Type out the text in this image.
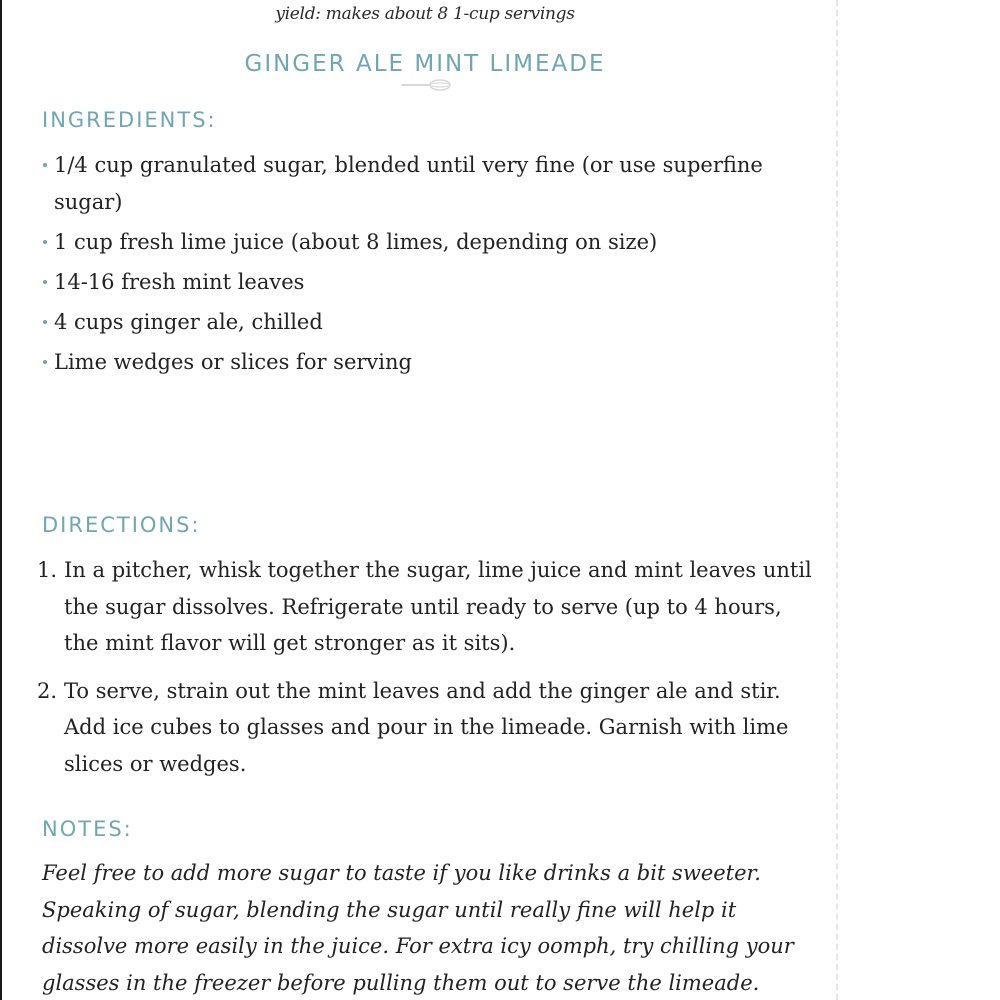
yield: makes about 8 1-cup servings
GINGER ALE MINT LIMEADE
INGREDIENTS:
1/4 cup granulated sugar, blended until very fine (or use superfine sugar)
1 cup fresh lime juice (about 8 limes, depending on size)
14-16 fresh mint leaves
4 cups ginger ale, chilled
Lime wedges or slices for serving
DIRECTIONS:
1. In a pitcher, whisk together the sugar, lime juice and mint leaves until the sugar dissolves. Refrigerate until ready to serve (up to 4 hours, the mint flavor will get stronger as it sits).
2. To serve, strain out the mint leaves and add the ginger ale and stir. Add ice cubes to glasses and pour in the limeade. Garnish with lime slices or wedges.
NOTES:

Feel free to add more sugar to taste if you like drinks a bit sweeter. Speaking of sugar, blending the sugar until really fine will help it dissolve more easily in the juice. For extra icy oomph, try chilling your glasses in the freezer before pulling them out to serve the limeade.
